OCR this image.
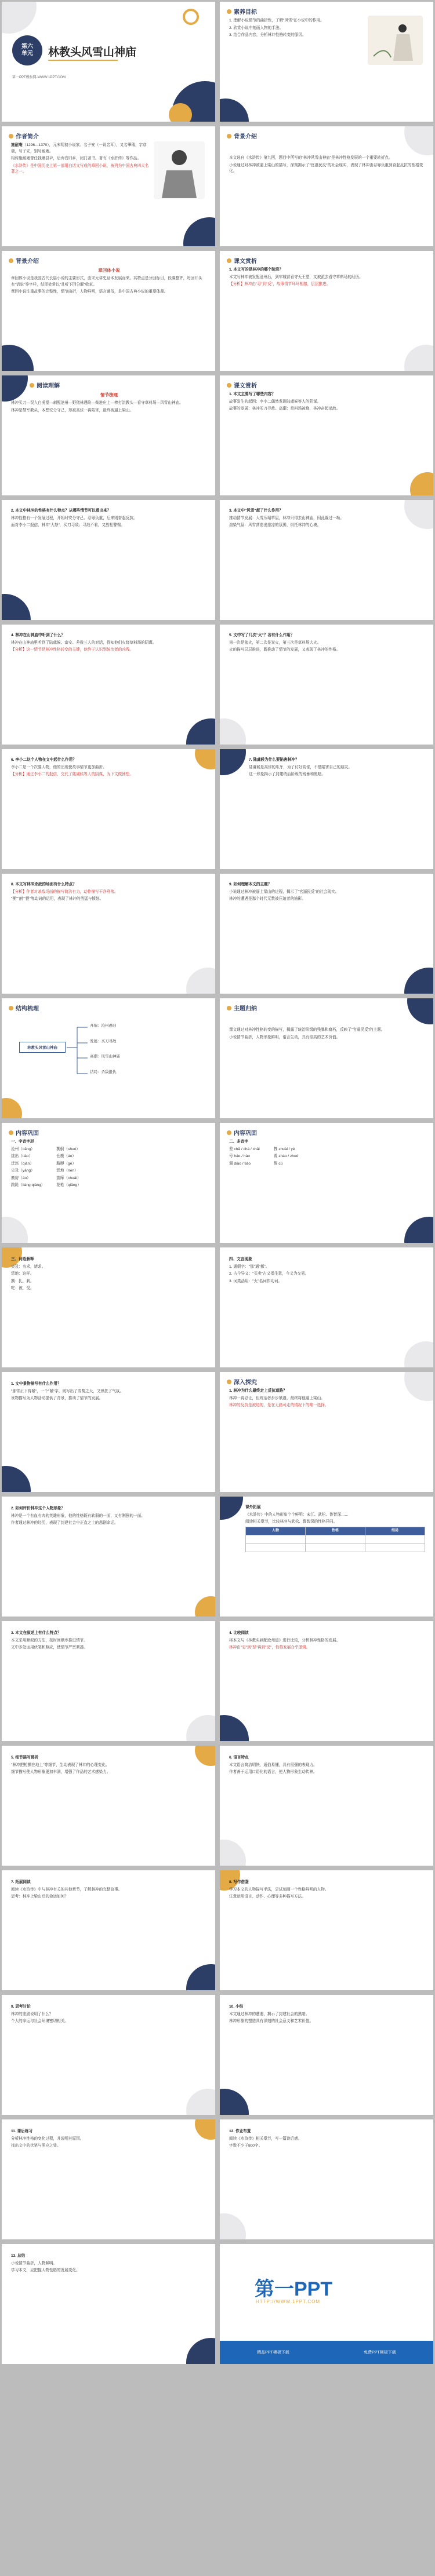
第六
单元 林教头风雪山神庙
第一PPT模板网-WWW.1PPT.COM
素养目标

1. 理解小说情节的曲折性，了解"风雪"在小说中的作用。

2. 欣赏小说中刻画人物的手法。

3. 结合作品内容，分析林冲性格转变的原因。

作者简介

施耐庵（1296—1370），元末明初小说家。名子安（一说名耳），又名肇瑞，字彦端，号子安，别号耐庵。

相传施耐庵曾任钱塘县尹，后弃官归乡，闭门著书。著有《水浒传》等作品。

《水浒传》是中国历史上第一部用白话文写成的章回小说，被列为中国古典四大名著之一。

背景介绍

本文选自《水浒传》第九回，题目中所写的"林冲风雪山神庙"是林冲性格发展的一个重要转折点。

小说通过对林冲被逼上梁山的描写，深刻揭示了"官逼民反"的社会现实，表现了林冲由忍辱负重到奋起反抗的性格变化。

背景介绍
章回体小说

章回体小说是我国古代长篇小说的主要形式，由宋元讲史话本发展而来。其特点是分回标目，段落整齐，每回开头有"话说"等字样，结尾处常以"且听下回分解"收束。

章回小说注重故事的完整性，情节曲折，人物鲜明，语言通俗，是中国古典小说的重要体裁。

课文赏析

1. 本文写的是林冲的哪个阶段？

本文写林冲被发配沧州后，到牢城营看守天王堂，又被派去看守草料场的经历。

【分析】林冲由"忍"到"反"，故事情节环环相扣，层层推进。

阅读理解
情节梳理

林冲买刀—误入白虎堂—刺配沧州—野猪林遇险—柴进庄上—棒打洪教头—看守草料场—风雪山神庙。

林冲是禁军教头，本想安分守己，却被高俅一再陷害，最终被逼上梁山。

课文赏析

1. 本文主要写了哪些内容？

故事发生的起因：李小二偶然发现陆虞候等人的阴谋。

故事的发展：林冲买刀寻敌。高潮：草料场被烧，林冲奋起杀敌。

2. 本文中林冲的性格有什么特点？从哪些情节可以看出来？

林冲性格有一个发展过程，开始时安分守己、忍辱负重，后来则奋起反抗。

面对李小二报信，林冲"大怒"，买刀寻敌；寻敌不着，又放松警惕。

3. 本文中"风雪"起了什么作用？

推动情节发展：大雪压塌草屋，林冲只得去山神庙，因此躲过一劫。

渲染气氛：风雪营造出悲凉的氛围，烘托林冲的心境。

4. 林冲在山神庙中听到了什么？

林冲在山神庙里听到了陆虞候、富安、差拨三人的对话，得知他们火烧草料场的阴谋。

【分析】这一情节是林冲性格转变的关键，他终于认识到统治者的凶残。

5. 文中写了几次"火"？各有什么作用？

第一次是盆火，第二次是炭火，第三次是草料场大火。

火的描写层层推进，既推动了情节的发展，又表现了林冲的性格。

6. 李小二这个人物在文中起什么作用？

李小二是一个次要人物，他的出现使故事情节更加曲折。

【分析】通过李小二的报信，交代了陆虞候等人的阴谋，为下文做铺垫。

7. 陆虞候为什么要陷害林冲？

陆虞候是高俅的爪牙，为了讨好高俅，不惜陷害自己的朋友。

这一形象揭示了封建统治阶级的残暴和黑暗。

8. 本文写林冲杀敌的场面有什么特点？

【分析】作者对杀敌场面的描写简洁有力，动作描写干净利落。

"搠""割""提"等动词的运用，表现了林冲的勇猛与愤怒。

9. 如何理解本文的主题？

小说通过林冲被逼上梁山的过程，揭示了"官逼民反"的社会现实。

林冲的遭遇是那个时代无数被压迫者的缩影。

结构梳理
林教头风雪山神庙
开端：沧州遇旧
发展：买刀寻敌
高潮：风雪山神庙
结局：杀敌报仇
主题归纳

课文通过对林冲性格转变的描写，揭露了统治阶级的残暴和腐朽，反映了"官逼民反"的主题。

小说情节曲折，人物形象鲜明，语言生动，具有很高的艺术价值。

内容巩固

一、字音字形

沧州（cāng）

挑出（tiǎo）

迁怒（qiān）

央及（yāng）

廒房（áo）

踉跄（liàng qiàng）

搠倒（shuò）

仓廒（áo）

胳膊（gē）

恁地（nèn）

揣摩（chuǎi）

花枪（qiāng）

内容巩固

二、多音字

差 chā / chà / chāi

号 háo / hào

调 diào / tiáo

拽 zhuài / yè

着 zháo / zhuó

簇 cù

三、词语解释

央及：央求，请求。

恁地：这样。

搠：扎，刺。

吃：被，受。

四、文言现象

1. 通假字："那"通"挪"。

2. 古今异义："买卖"古义指生意，今义为交易。

3. 词类活用："火"名词作动词。

1. 文中景物描写有什么作用？

"那雪正下得紧"，一个"紧"字，既写出了雪势之大，又烘托了气氛。

景物描写为人物活动提供了背景，推动了情节的发展。

深入探究

1. 林冲为什么最终走上反抗道路？

林冲一再忍让，但统治者步步紧逼，最终将他逼上梁山。

林冲的反抗是被迫的，是在无路可走的情况下的唯一选择。

2. 如何评价林冲这个人物形象？

林冲是一个有血有肉的英雄形象，他的性格既有软弱的一面，又有刚强的一面。

作者通过林冲的经历，表现了封建社会中正直之士的悲剧命运。

课外拓展

《水浒传》中的人物形象个个鲜明：宋江、武松、鲁智深……

阅读相关章节，比较林冲与武松、鲁智深的性格异同。

人物	性格	结局

3. 本文在叙述上有什么特点？

本文采用顺叙的方法，按时间顺序推进情节。

文中多处运用伏笔和照应，使情节严密紧凑。

4. 比较阅读

将本文与《林教头刺配沧州道》进行比较，分析林冲性格的发展。

林冲由"忍"到"怒"再到"反"，性格发展合乎逻辑。

5. 细节描写赏析

"林冲把枪搠在地上"等细节，生动表现了林冲的心理变化。

细节描写使人物形象更加丰满，增强了作品的艺术感染力。

6. 语言特点

本文语言简洁明快，通俗易懂，具有很强的表现力。

作者善于运用口语化的语言，使人物形象生动传神。

7. 拓展阅读

阅读《水浒传》中与林冲有关的其他章节，了解林冲的完整故事。

思考：林冲上梁山后的命运如何？

8. 写作借鉴

学习本文的人物描写手法，尝试刻画一个性格鲜明的人物。

注意运用语言、动作、心理等多种描写方法。

9. 思考讨论

林冲的悲剧说明了什么？

个人的命运与社会环境密切相关。

10. 小结

本文通过林冲的遭遇，揭示了封建社会的黑暗。

林冲形象的塑造具有深刻的社会意义和艺术价值。

11. 课后练习

分析林冲性格的变化过程，并说明其原因。

找出文中的伏笔与照应之处。

12. 作业布置

阅读《水浒传》相关章节，写一篇读后感。

字数不少于800字。

13. 总结

小说情节曲折，人物鲜明。

学习本文，应把握人物性格的发展变化。

第一PPT
HTTP://WWW.1PPT.COM
精品PPT模板下载	免费PPT模板下载
